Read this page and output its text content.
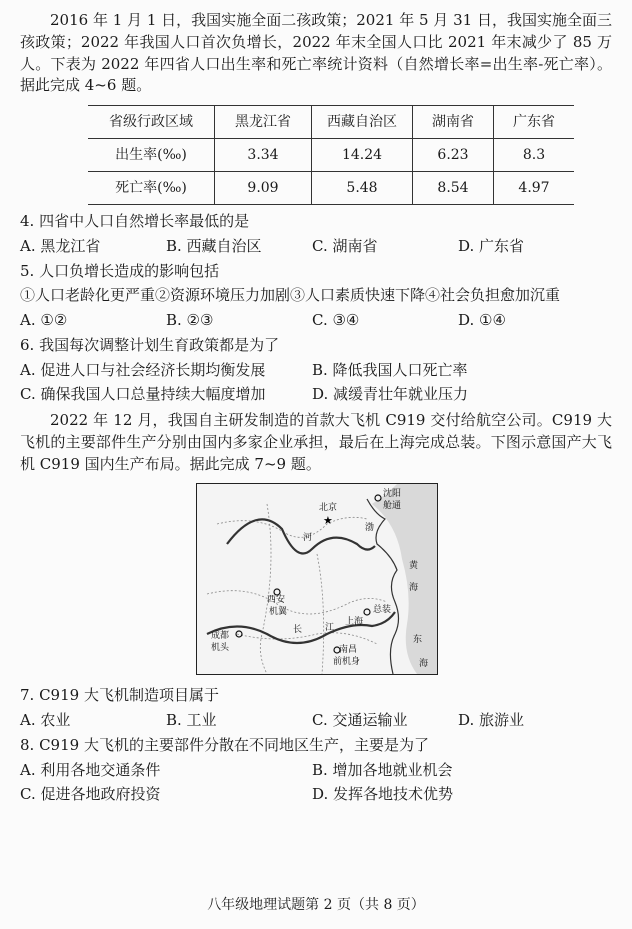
2016 年 1 月 1 日，我国实施全面二孩政策；2021 年 5 月 31 日，我国实施全面三孩政策；2022 年我国人口首次负增长，2022 年末全国人口比 2021 年末减少了 85 万人。下表为 2022 年四省人口出生率和死亡率统计资料（自然增长率=出生率-死亡率）。据此完成 4~6 题。

省级行政区域	黑龙江省	西藏自治区	湖南省	广东省
出生率(‰)	3.34	14.24	6.23	8.3
死亡率(‰)	9.09	5.48	8.54	4.97
4. 四省中人口自然增长率最低的是
A. 黑龙江省	B. 西藏自治区	C. 湖南省	D. 广东省
5. 人口负增长造成的影响包括
①人口老龄化更严重②资源环境压力加剧③人口素质快速下降④社会负担愈加沉重
A. ①②	B. ②③	C. ③④	D. ①④
6. 我国每次调整计划生育政策都是为了
A. 促进人口与社会经济长期均衡发展	B. 降低我国人口死亡率
C. 确保我国人口总量持续大幅度增加	D. 减缓青壮年就业压力

2022 年 12 月，我国自主研发制造的首款大飞机 C919 交付给航空公司。C919 大飞机的主要部件生产分别由国内多家企业承担，最后在上海完成总装。下图示意国产大飞机 C919 国内生产布局。据此完成 7~9 题。

★
北京
沈阳
舱通
西安
机翼
成都
机头
上海
总装
南昌
前机身
渤
黄
海
东
海
河
长	江
7. C919 大飞机制造项目属于
A. 农业	B. 工业	C. 交通运输业	D. 旅游业
8. C919 大飞机的主要部件分散在不同地区生产，主要是为了
A. 利用各地交通条件	B. 增加各地就业机会
C. 促进各地政府投资	D. 发挥各地技术优势
八年级地理试题第 2 页（共 8 页）
